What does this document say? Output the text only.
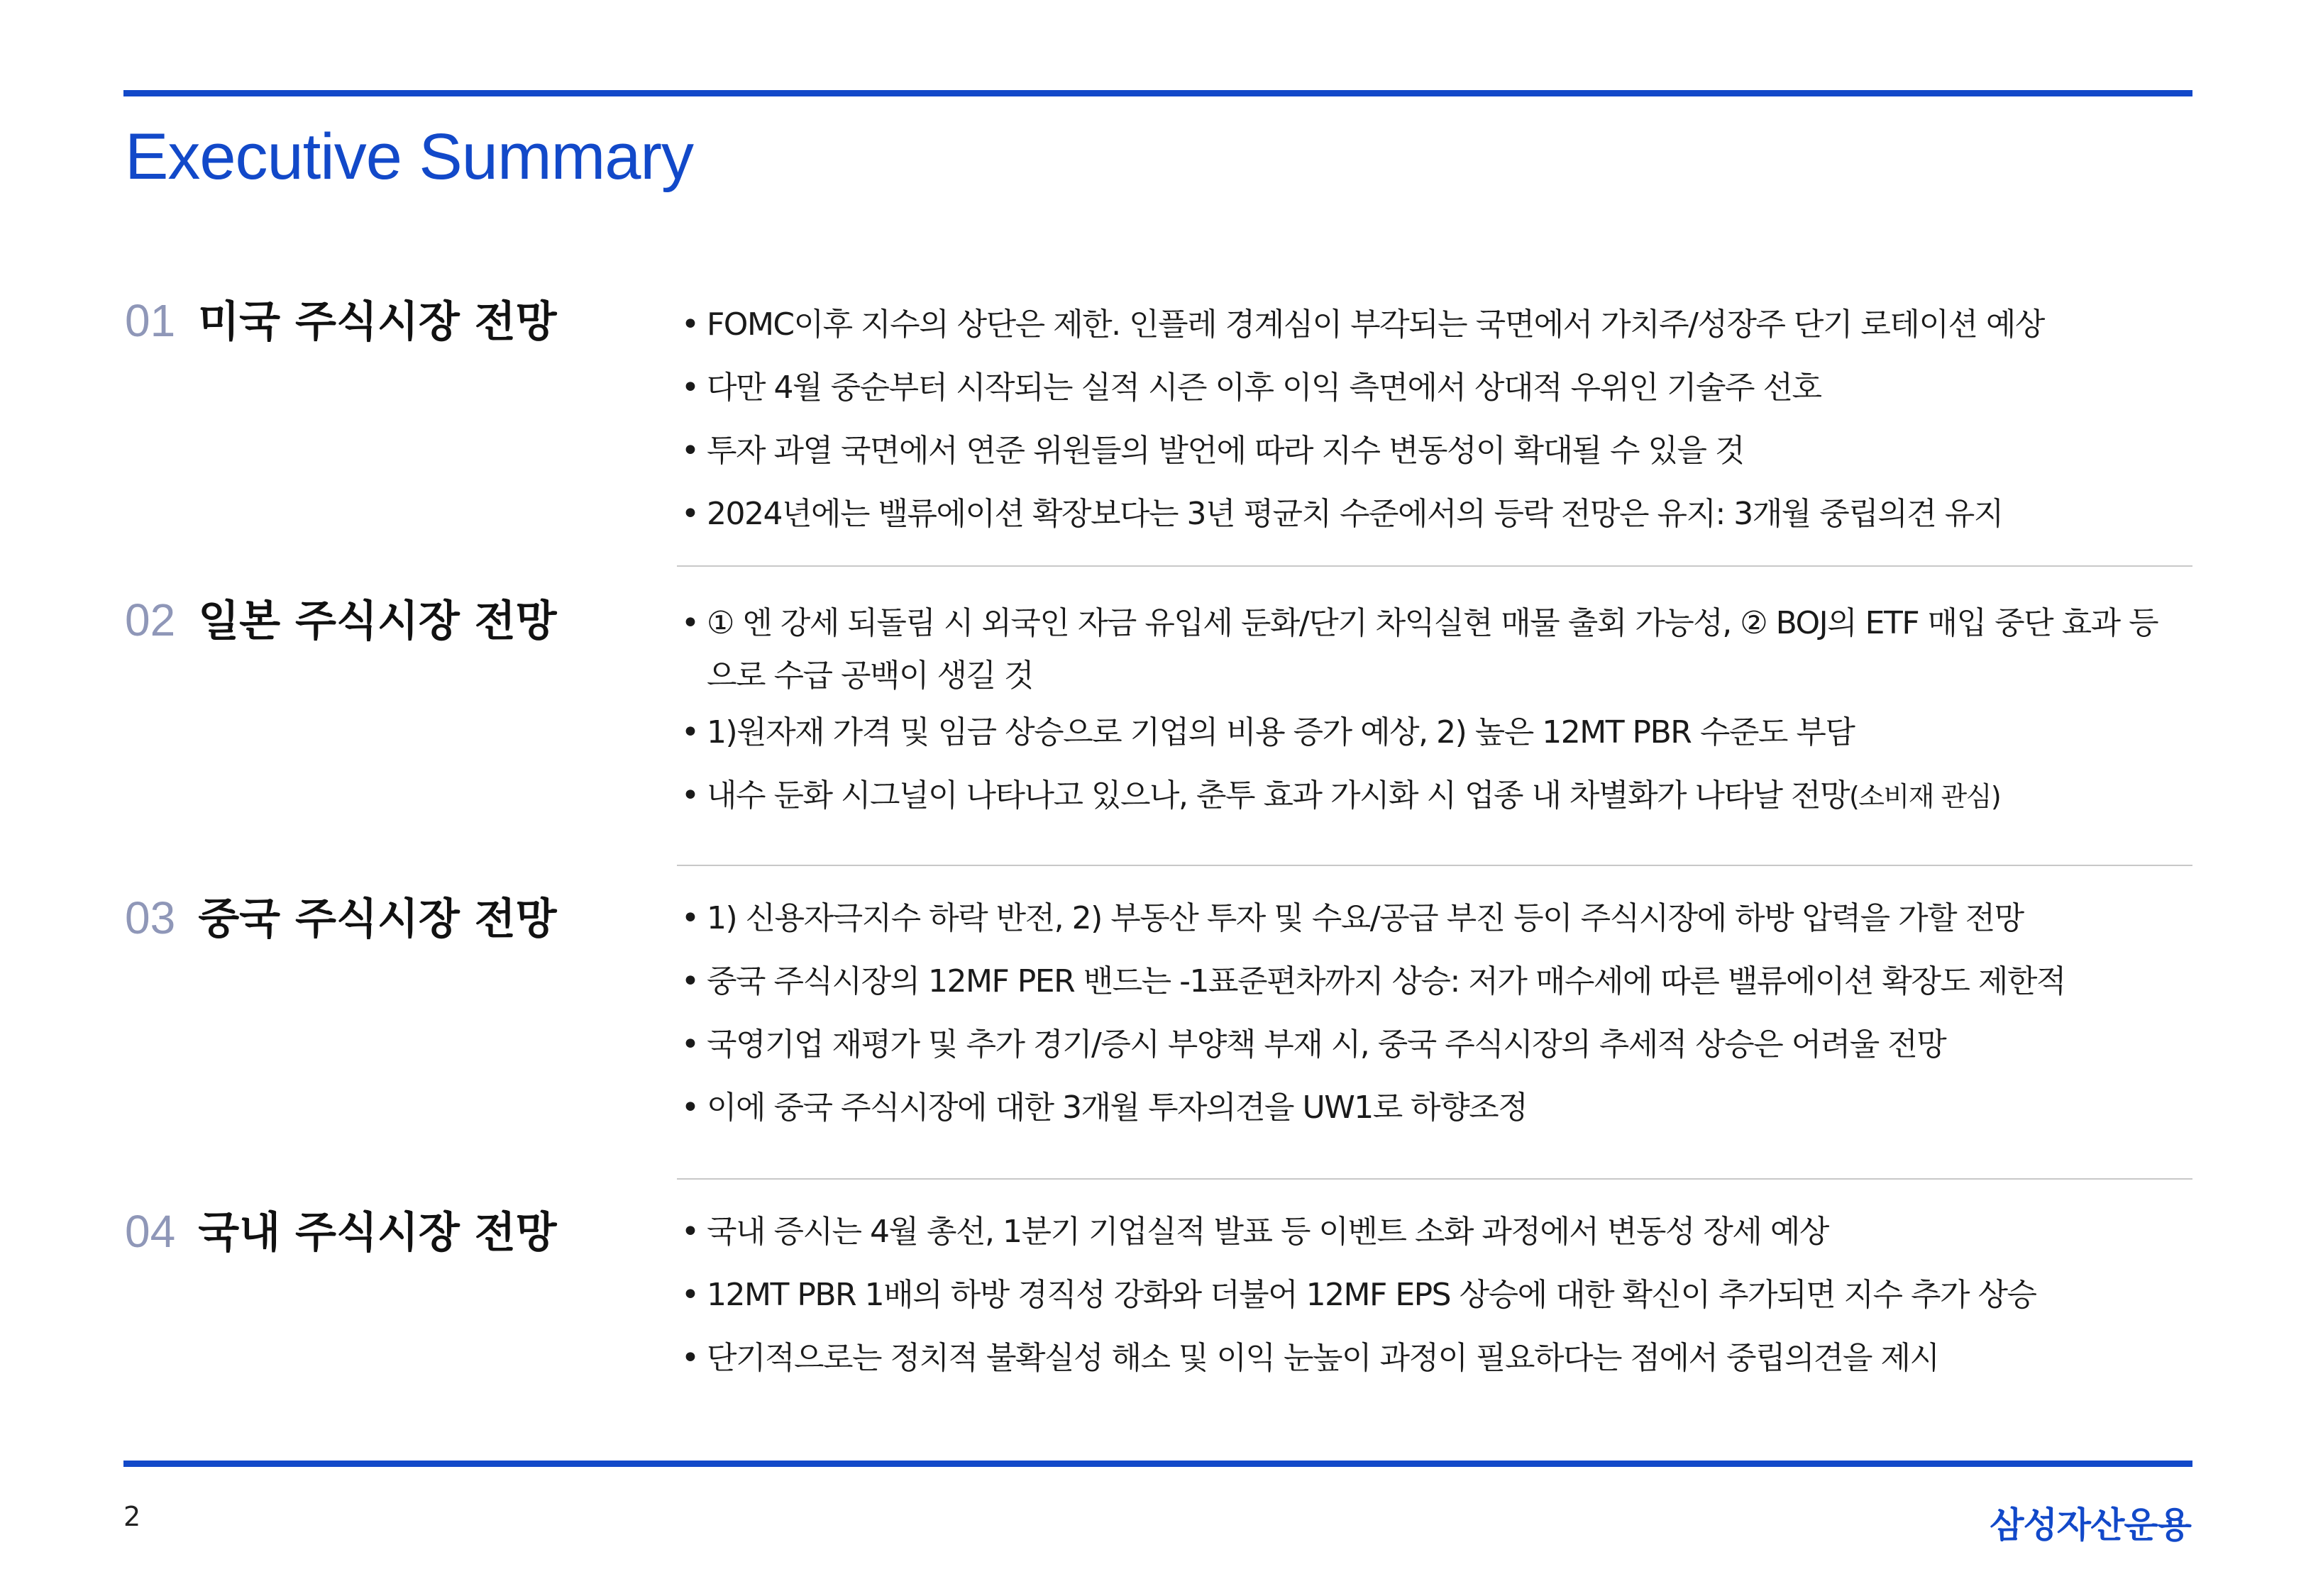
Executive Summary
01 미국 주식시장 전망	• FOMC이후 지수의 상단은 제한. 인플레 경계심이 부각되는 국면에서 가치주/성장주 단기 로테이션 예상
• 다만 4월 중순부터 시작되는 실적 시즌 이후 이익 측면에서 상대적 우위인 기술주 선호
• 투자 과열 국면에서 연준 위원들의 발언에 따라 지수 변동성이 확대될 수 있을 것
• 2024년에는 밸류에이션 확장보다는 3년 평균치 수준에서의 등락 전망은 유지: 3개월 중립의견 유지
02 일본 주식시장 전망	• ① 엔 강세 되돌림 시 외국인 자금 유입세 둔화/단기 차익실현 매물 출회 가능성, ② BOJ의 ETF 매입 중단 효과 등으로 수급 공백이 생길 것
• 1)원자재 가격 및 임금 상승으로 기업의 비용 증가 예상, 2) 높은 12MT PBR 수준도 부담
• 내수 둔화 시그널이 나타나고 있으나, 춘투 효과 가시화 시 업종 내 차별화가 나타날 전망(소비재 관심)
03 중국 주식시장 전망	• 1) 신용자극지수 하락 반전, 2) 부동산 투자 및 수요/공급 부진 등이 주식시장에 하방 압력을 가할 전망
• 중국 주식시장의 12MF PER 밴드는 -1표준편차까지 상승: 저가 매수세에 따른 밸류에이션 확장도 제한적
• 국영기업 재평가 및 추가 경기/증시 부양책 부재 시, 중국 주식시장의 추세적 상승은 어려울 전망
• 이에 중국 주식시장에 대한 3개월 투자의견을 UW1로 하향조정
04 국내 주식시장 전망	• 국내 증시는 4월 총선, 1분기 기업실적 발표 등 이벤트 소화 과정에서 변동성 장세 예상
• 12MT PBR 1배의 하방 경직성 강화와 더불어 12MF EPS 상승에 대한 확신이 추가되면 지수 추가 상승
• 단기적으로는 정치적 불확실성 해소 및 이익 눈높이 과정이 필요하다는 점에서 중립의견을 제시
2	삼성자산운용
